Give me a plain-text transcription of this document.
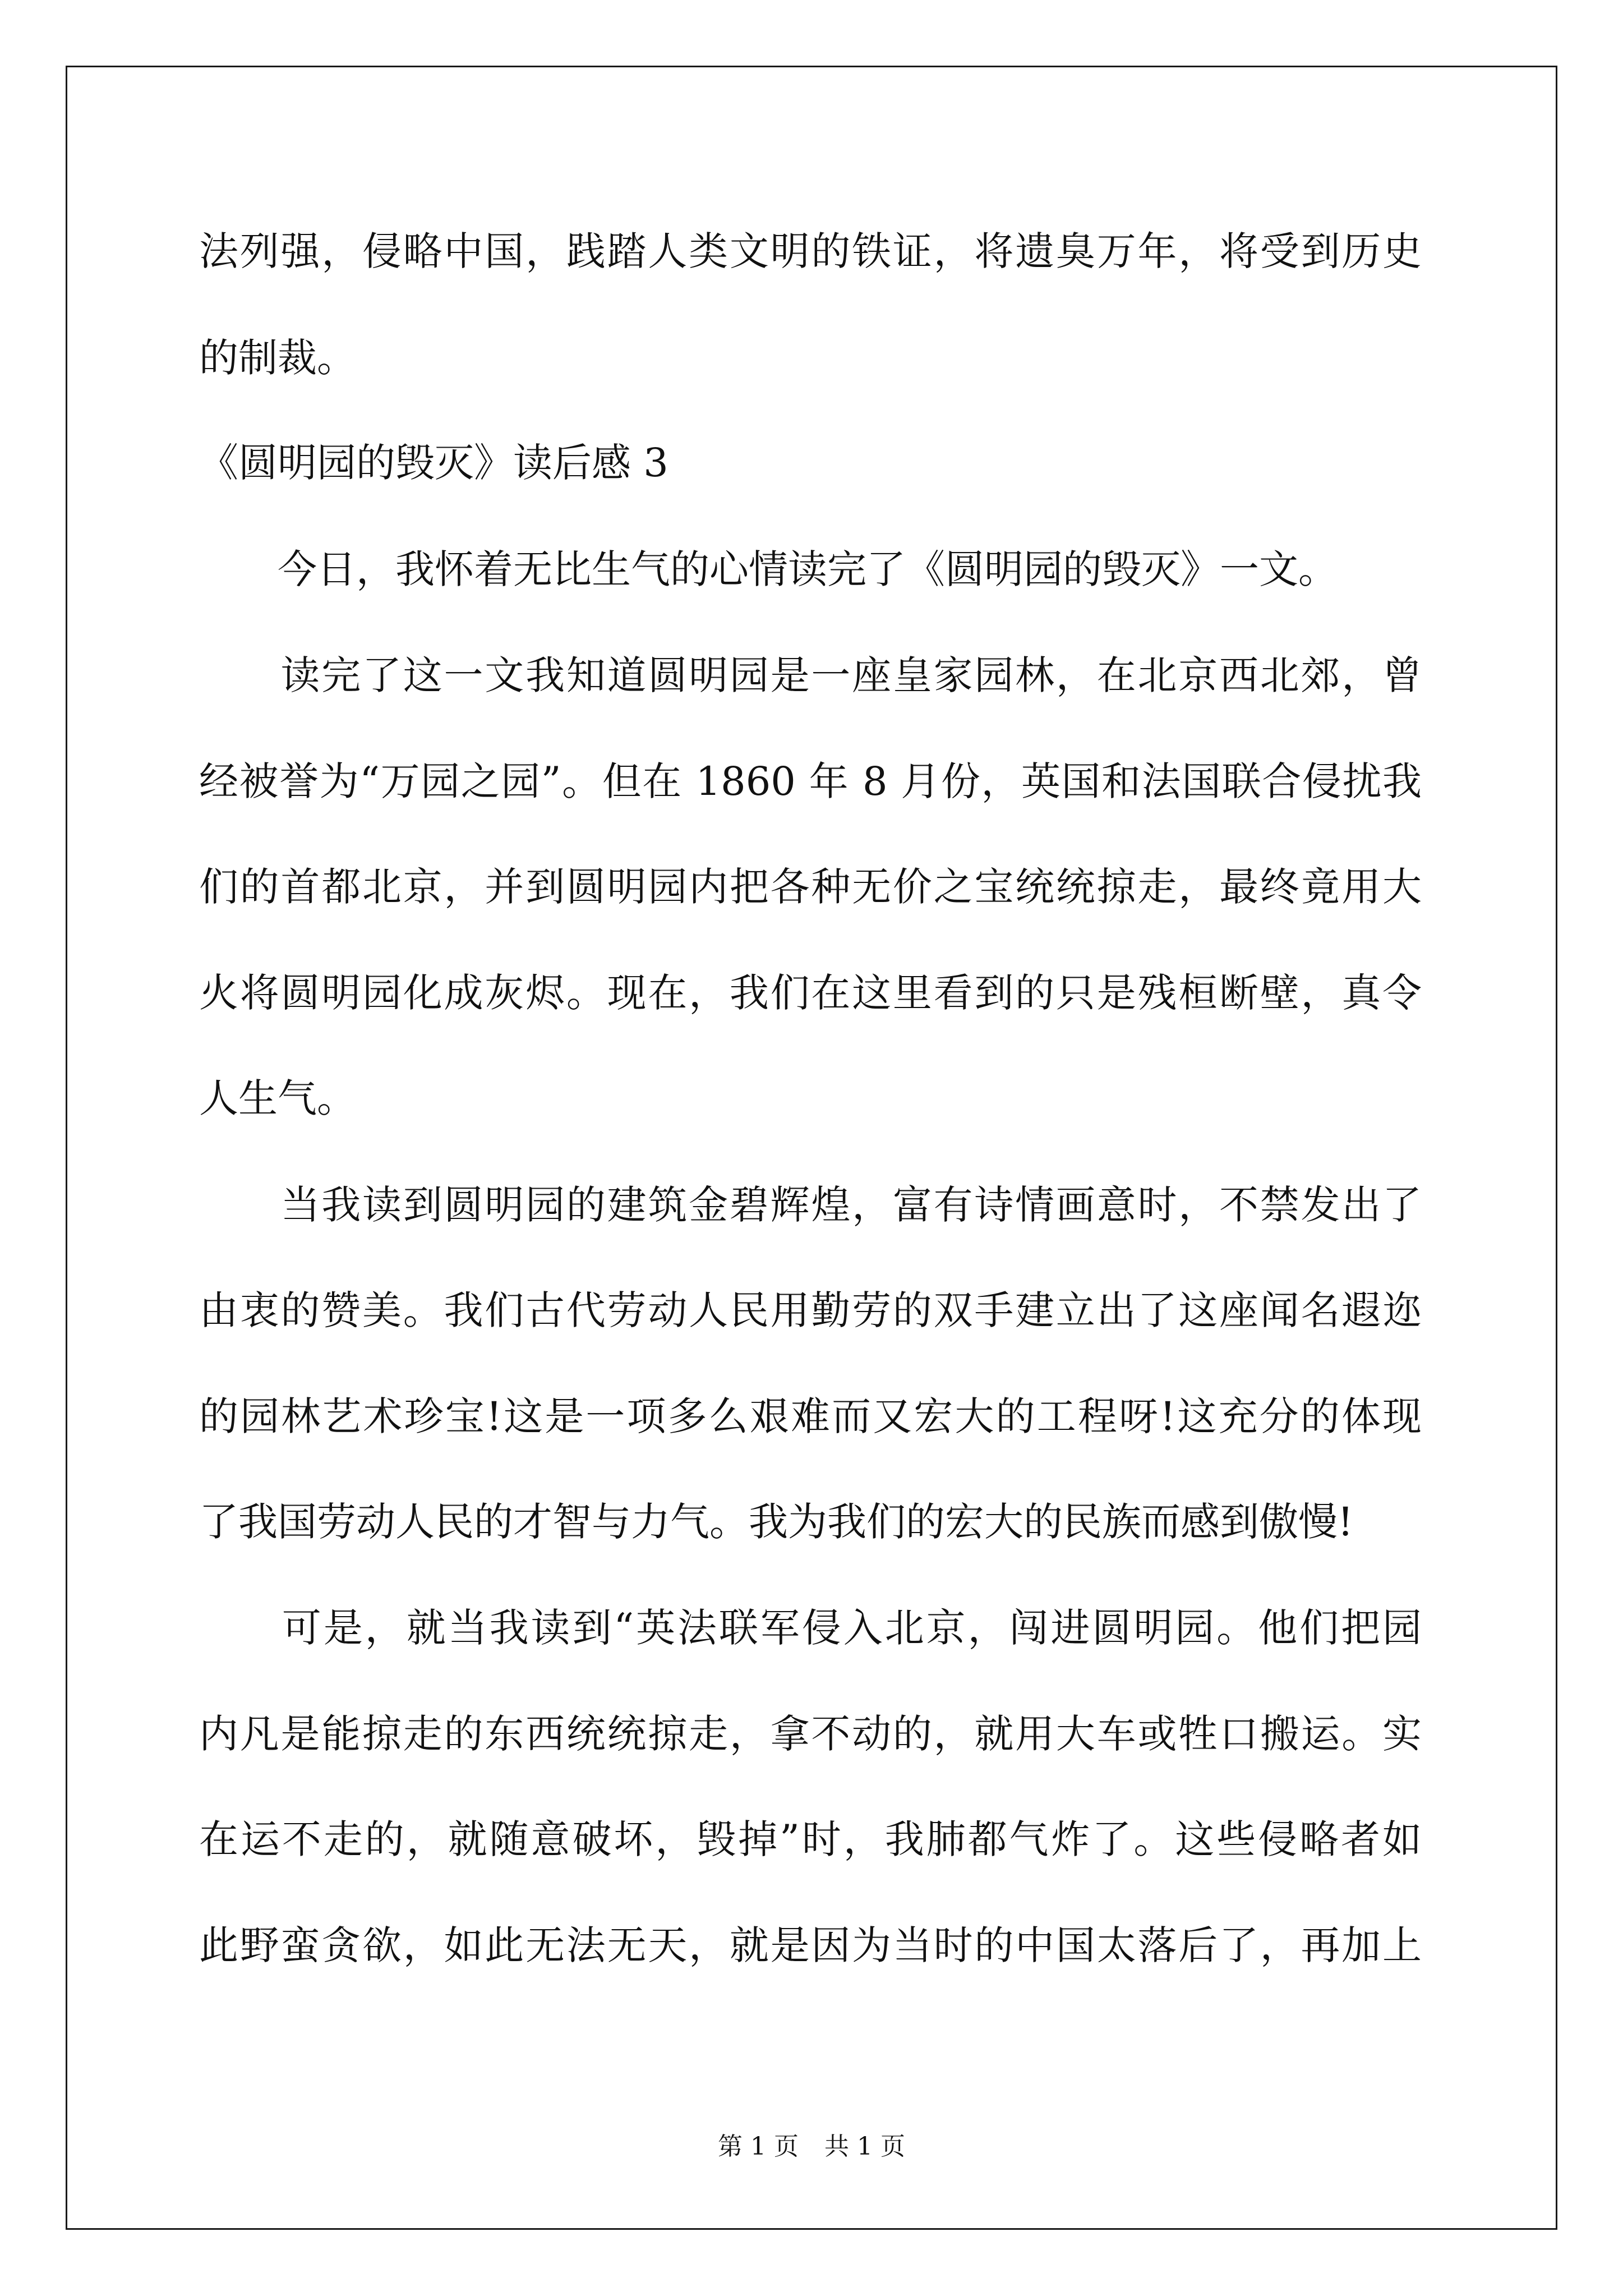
法列强，侵略中国，践踏人类文明的铁证，将遗臭万年，将受到历史
的制裁。
《圆明园的毁灭》读后感 3
　　今日，我怀着无比生气的心情读完了《圆明园的毁灭》一文。
　　读完了这一文我知道圆明园是一座皇家园林，在北京西北郊，曾
经被誉为“万园之园”。但在 1860 年 8 月份，英国和法国联合侵扰我
们的首都北京，并到圆明园内把各种无价之宝统统掠走，最终竟用大
火将圆明园化成灰烬。现在，我们在这里看到的只是残桓断壁，真令
人生气。
　　当我读到圆明园的建筑金碧辉煌，富有诗情画意时，不禁发出了
由衷的赞美。我们古代劳动人民用勤劳的双手建立出了这座闻名遐迩
的园林艺术珍宝!这是一项多么艰难而又宏大的工程呀!这充分的体现
了我国劳动人民的才智与力气。我为我们的宏大的民族而感到傲慢!
　　可是，就当我读到“英法联军侵入北京，闯进圆明园。他们把园
内凡是能掠走的东西统统掠走，拿不动的，就用大车或牲口搬运。实
在运不走的，就随意破坏，毁掉”时，我肺都气炸了。这些侵略者如
此野蛮贪欲，如此无法无天，就是因为当时的中国太落后了，再加上
第 1 页 共 1 页
